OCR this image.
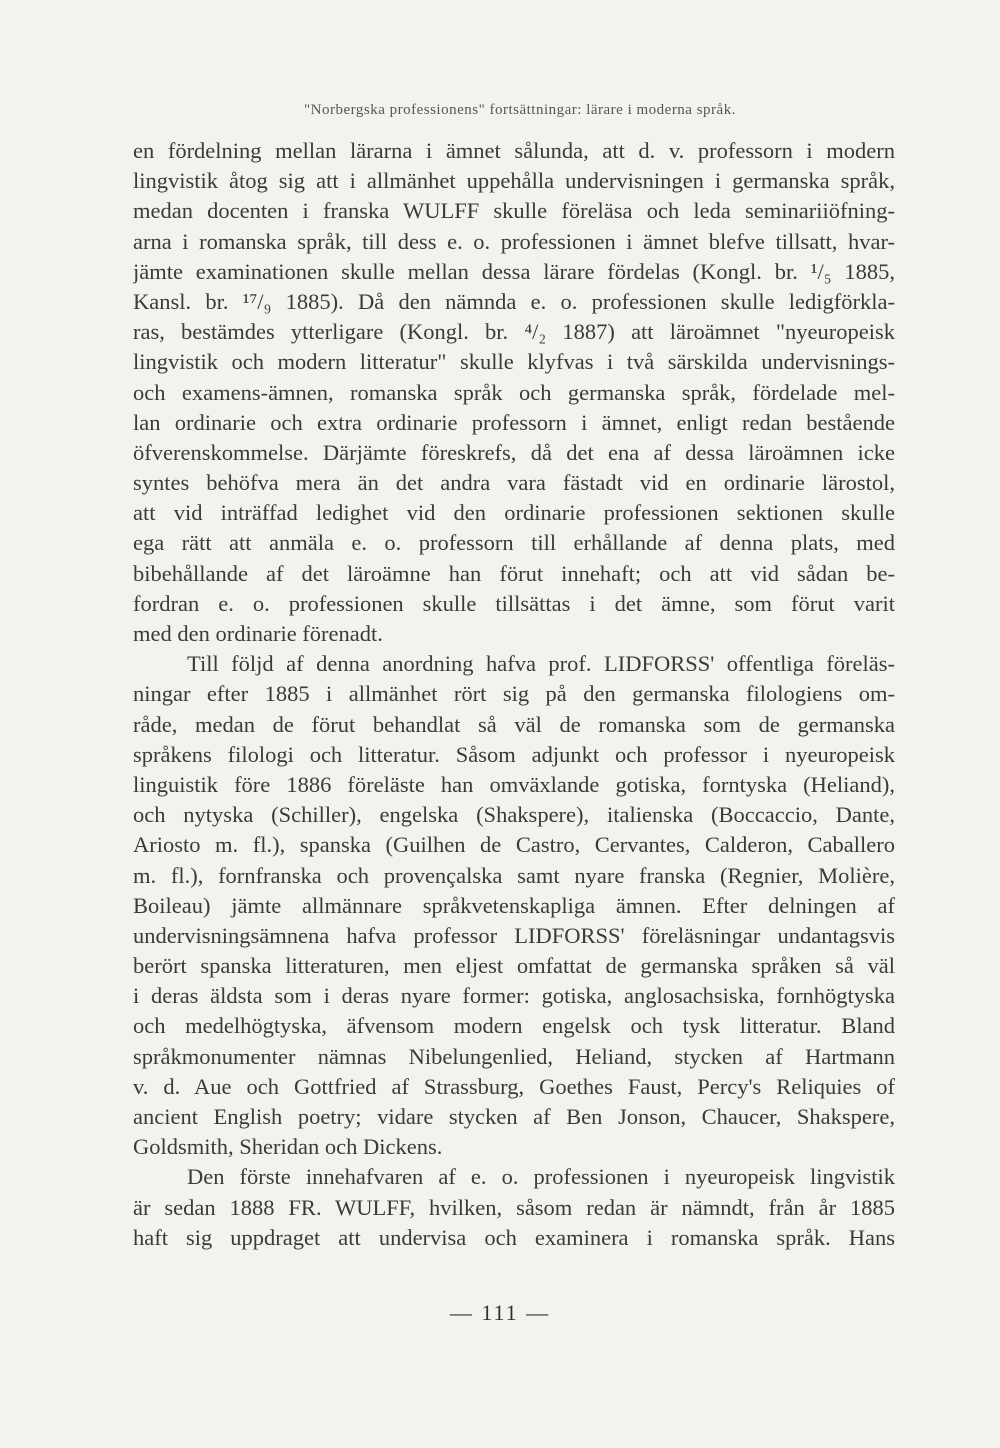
"Norbergska professionens" fortsättningar: lärare i moderna språk.
en fördelning mellan lärarna i ämnet sålunda, att d. v. professorn i modern
lingvistik åtog sig att i allmänhet uppehålla undervisningen i germanska språk,
medan docenten i franska WULFF skulle föreläsa och leda seminariiöfning-
arna i romanska språk, till dess e. o. professionen i ämnet blefve tillsatt, hvar-
jämte examinationen skulle mellan dessa lärare fördelas (Kongl. br. ¹/₅ 1885,
Kansl. br. ¹⁷/₉ 1885). Då den nämnda e. o. professionen skulle ledigförkla-
ras, bestämdes ytterligare (Kongl. br. ⁴/₂ 1887) att läroämnet "nyeuropeisk
lingvistik och modern litteratur" skulle klyfvas i två särskilda undervisnings-
och examens-ämnen, romanska språk och germanska språk, fördelade mel-
lan ordinarie och extra ordinarie professorn i ämnet, enligt redan bestående
öfverenskommelse. Därjämte föreskrefs, då det ena af dessa läroämnen icke
syntes behöfva mera än det andra vara fästadt vid en ordinarie lärostol,
att vid inträffad ledighet vid den ordinarie professionen sektionen skulle
ega rätt att anmäla e. o. professorn till erhållande af denna plats, med
bibehållande af det läroämne han förut innehaft; och att vid sådan be-
fordran e. o. professionen skulle tillsättas i det ämne, som förut varit
med den ordinarie förenadt.
Till följd af denna anordning hafva prof. LIDFORSS' offentliga föreläs-
ningar efter 1885 i allmänhet rört sig på den germanska filologiens om-
råde, medan de förut behandlat så väl de romanska som de germanska
språkens filologi och litteratur. Såsom adjunkt och professor i nyeuropeisk
linguistik före 1886 föreläste han omväxlande gotiska, forntyska (Heliand),
och nytyska (Schiller), engelska (Shakspere), italienska (Boccaccio, Dante,
Ariosto m. fl.), spanska (Guilhen de Castro, Cervantes, Calderon, Caballero
m. fl.), fornfranska och provençalska samt nyare franska (Regnier, Molière,
Boileau) jämte allmännare språkvetenskapliga ämnen. Efter delningen af
undervisningsämnena hafva professor LIDFORSS' föreläsningar undantagsvis
berört spanska litteraturen, men eljest omfattat de germanska språken så väl
i deras äldsta som i deras nyare former: gotiska, anglosachsiska, fornhögtyska
och medelhögtyska, äfvensom modern engelsk och tysk litteratur. Bland
språkmonumenter nämnas Nibelungenlied, Heliand, stycken af Hartmann
v. d. Aue och Gottfried af Strassburg, Goethes Faust, Percy's Reliquies of
ancient English poetry; vidare stycken af Ben Jonson, Chaucer, Shakspere,
Goldsmith, Sheridan och Dickens.
Den förste innehafvaren af e. o. professionen i nyeuropeisk lingvistik
är sedan 1888 FR. WULFF, hvilken, såsom redan är nämndt, från år 1885
haft sig uppdraget att undervisa och examinera i romanska språk. Hans
— 111 —
